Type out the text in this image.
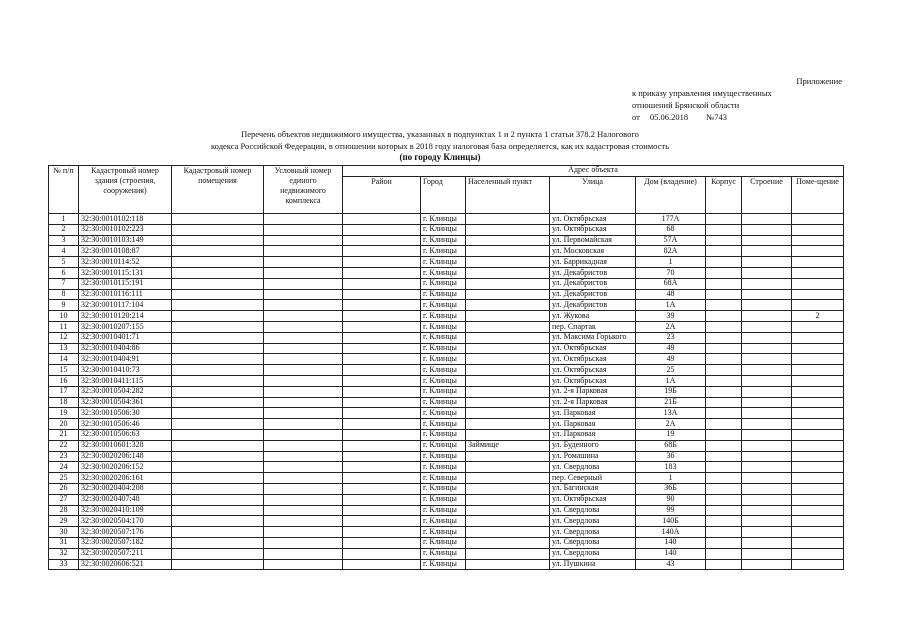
Приложение
к приказу управления имущественных
отношений Брянской области
от 05.06.2018 №743
Перечень объектов недвижимого имущества, указанных в подпунктах 1 и 2 пункта 1 статьи 378.2 Налогового
кодекса Российской Федерации, в отношении которых в 2018 году налоговая база определяется, как их кадастровая стоимость
(по городу Клинцы)
№ п/п	Кадастровый номер здания (строения, сооружения)	Кадастровый номер помещения	Условный номер единого недвижимого комплекса	Адрес объекта							
				Район	Город	Населенный пункт	Улица	Дом (владение)	Корпус	Строение	Поме-щение
1	32:30:0010102:118				г. Клинцы		ул. Октябрьская	177А			
2	32:30:0010102:223				г. Клинцы		ул. Октябрьская	68			
3	32:30:0010103:149				г. Клинцы		ул. Первомайская	57А			
4	32:30:0010108:87				г. Клинцы		ул. Московская	82А			
5	32:30:0010114:52				г. Клинцы		ул. Баррикадная	1			
6	32:30:0010115:131				г. Клинцы		ул. Декабристов	70			
7	32:30:0010115:191				г. Клинцы		ул. Декабристов	68А			
8	32:30:0010116:111				г. Клинцы		ул. Декабристов	48			
9	32:30:0010117:104				г. Клинцы		ул. Декабристов	1А			
10	32:30:0010120:214				г. Клинцы		ул. Жукова	39			2
11	32:30:0010207:155				г. Клинцы		пер. Спартак	2А			
12	32:30:0010401:71				г. Клинцы		ул. Максима Горького	23			
13	32:30:0010404:86				г. Клинцы		ул. Октябрьская	49			
14	32:30:0010404:91				г. Клинцы		ул. Октябрьская	49			
15	32:30:0010410:73				г. Клинцы		ул. Октябрьская	25			
16	32:30:0010411:115				г. Клинцы		ул. Октябрьская	1А			
17	32:30:0010504:282				г. Клинцы		ул. 2-я Парковая	19Б			
18	32:30:0010504:361				г. Клинцы		ул. 2-я Парковая	21Б			
19	32:30:0010506:30				г. Клинцы		ул. Парковая	13А			
20	32:30:0010506:46				г. Клинцы		ул. Парковая	2А			
21	32:30:0010506:63				г. Клинцы		ул. Парковая	19			
22	32:30:0010601:328				г. Клинцы	Займище	ул. Буденного	68Б			
23	32:30:0020206:148				г. Клинцы		ул. Ромашина	36			
24	32:30:0020206:152				г. Клинцы		ул. Свердлова	183			
25	32:30:0020206:161				г. Клинцы		пер. Северный	1			
26	32:30:0020404:208				г. Клинцы		ул. Багинская	36Б			
27	32:30:0020407:48				г. Клинцы		ул. Октябрьская	90			
28	32:30:0020410:109				г. Клинцы		ул. Свердлова	99			
29	32:30:0020504:170				г. Клинцы		ул. Свердлова	140Б			
30	32:30:0020507:176				г. Клинцы		ул. Свердлова	140А			
31	32:30:0020507:182				г. Клинцы		ул. Свердлова	140			
32	32:30:0020507:211				г. Клинцы		ул. Свердлова	140			
33	32:30:0020606:521				г. Клинцы		ул. Пушкина	43			
